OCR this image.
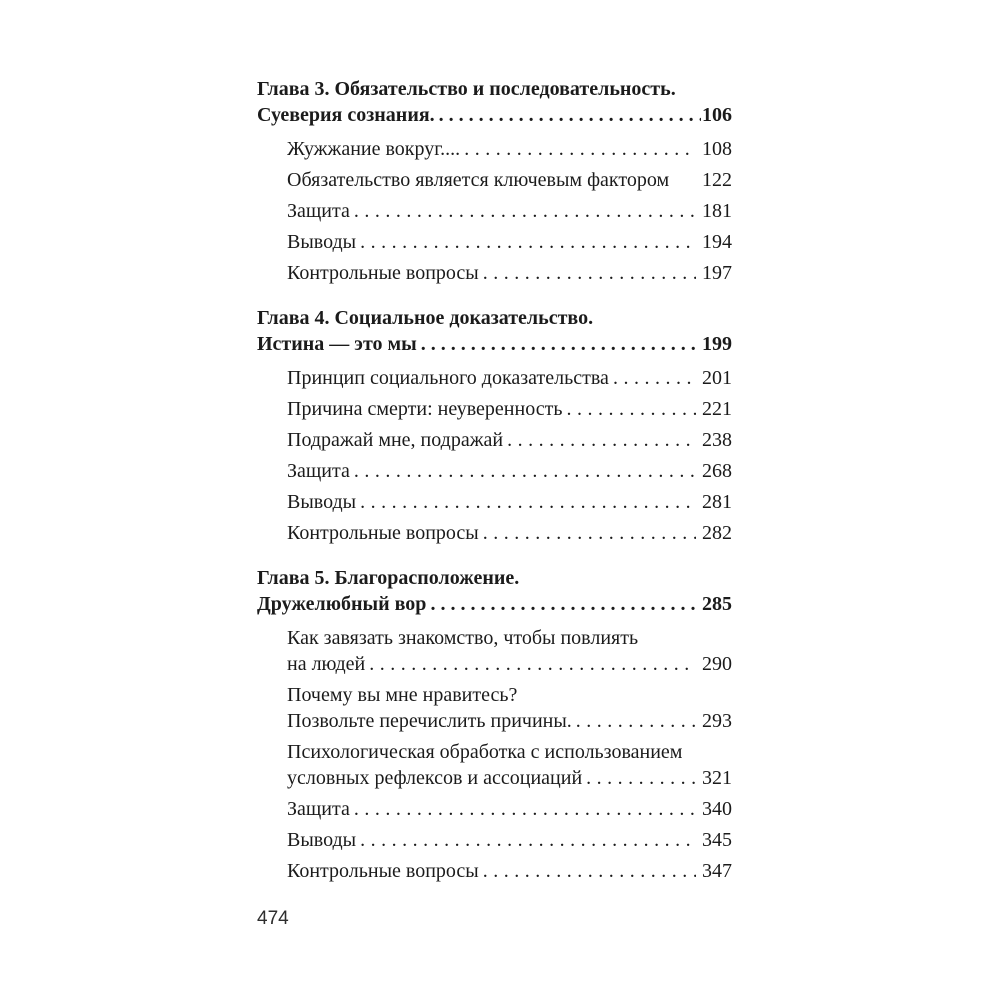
Глава 3. Обязательство и последовательность.
Суеверия сознания. .....	106
Жужжание вокруг.... .....	108
Обязательство является ключевым фактором	122
Защита .....	181
Выводы .....	194
Контрольные вопросы .....	197
Глава 4. Социальное доказательство.
Истина — это мы .....	199
Принцип социального доказательства .....	201
Причина смерти: неуверенность .....	221
Подражай мне, подражай .....	238
Защита .....	268
Выводы .....	281
Контрольные вопросы .....	282
Глава 5. Благорасположение.
Дружелюбный вор .....	285
Как завязать знакомство, чтобы повлиять
на людей .....	290
Почему вы мне нравитесь?
Позвольте перечислить причины. .....	293
Психологическая обработка с использованием
условных рефлексов и ассоциаций .....	321
Защита .....	340
Выводы .....	345
Контрольные вопросы .....	347
474
